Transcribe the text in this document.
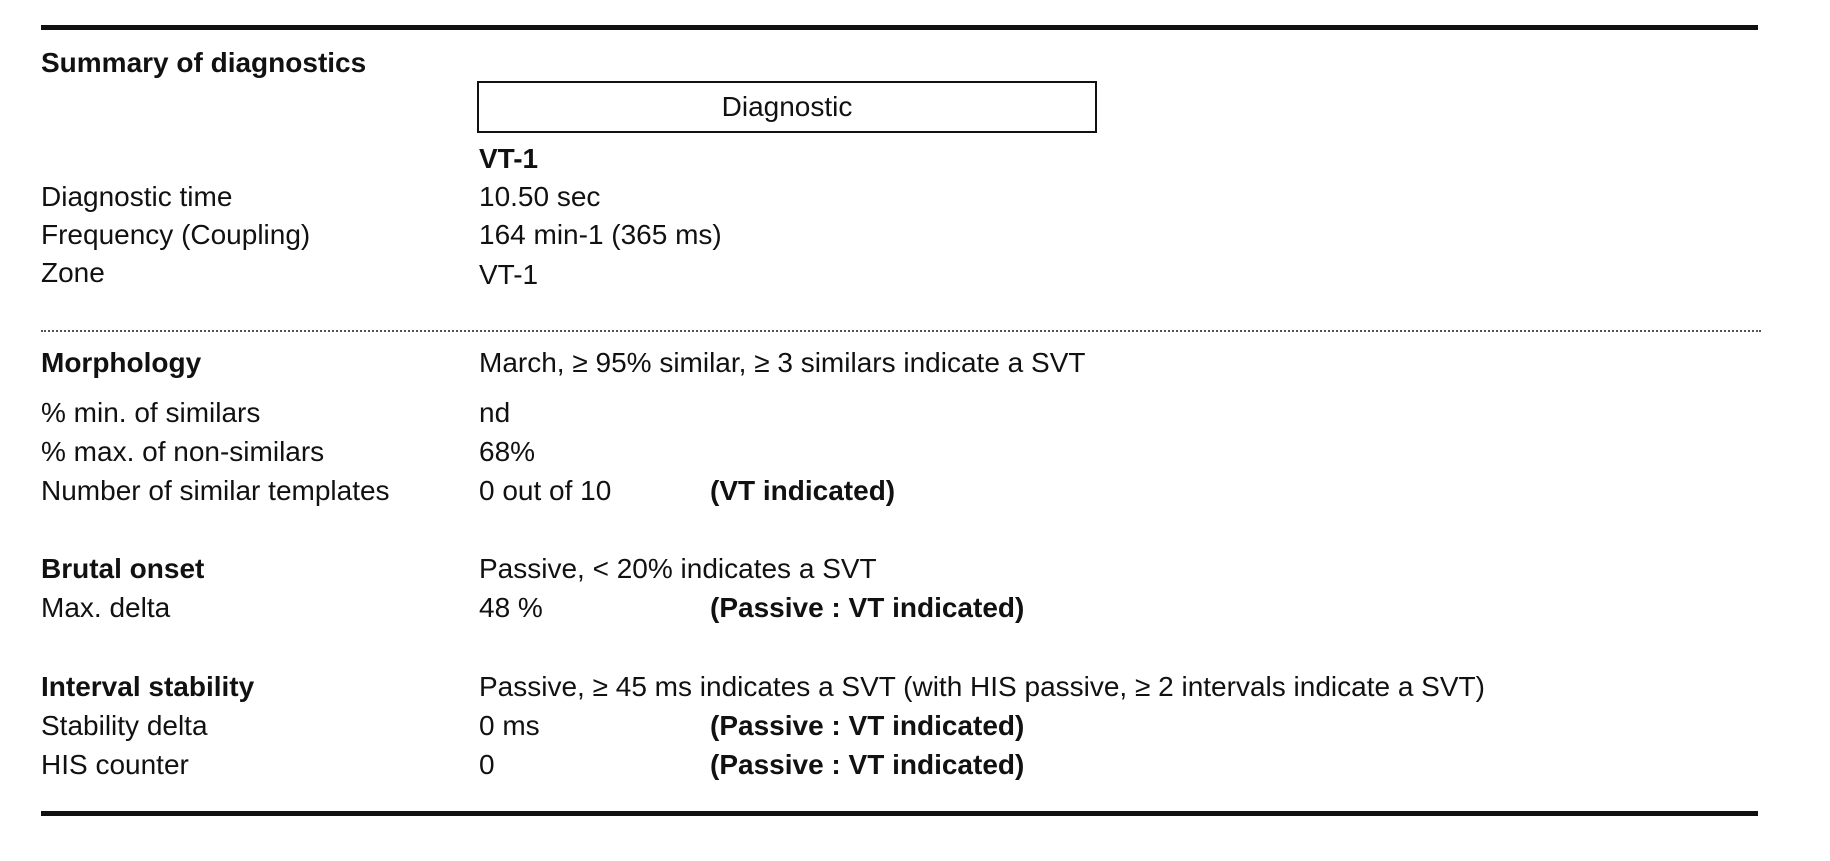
Summary of diagnostics
Diagnostic
VT-1
Diagnostic time	10.50 sec
Frequency (Coupling)	164 min-1 (365 ms)
Zone	VT-1
Morphology	March, ≥ 95% similar, ≥ 3 similars indicate a SVT
% min. of similars	nd
% max. of non-similars	68%
Number of similar templates	0 out of 10	(VT indicated)
Brutal onset	Passive, < 20% indicates a SVT
Max. delta	48 %	(Passive : VT indicated)
Interval stability	Passive, ≥ 45 ms indicates a SVT (with HIS passive, ≥ 2 intervals indicate a SVT)
Stability delta	0 ms	(Passive : VT indicated)
HIS counter	0	(Passive : VT indicated)
